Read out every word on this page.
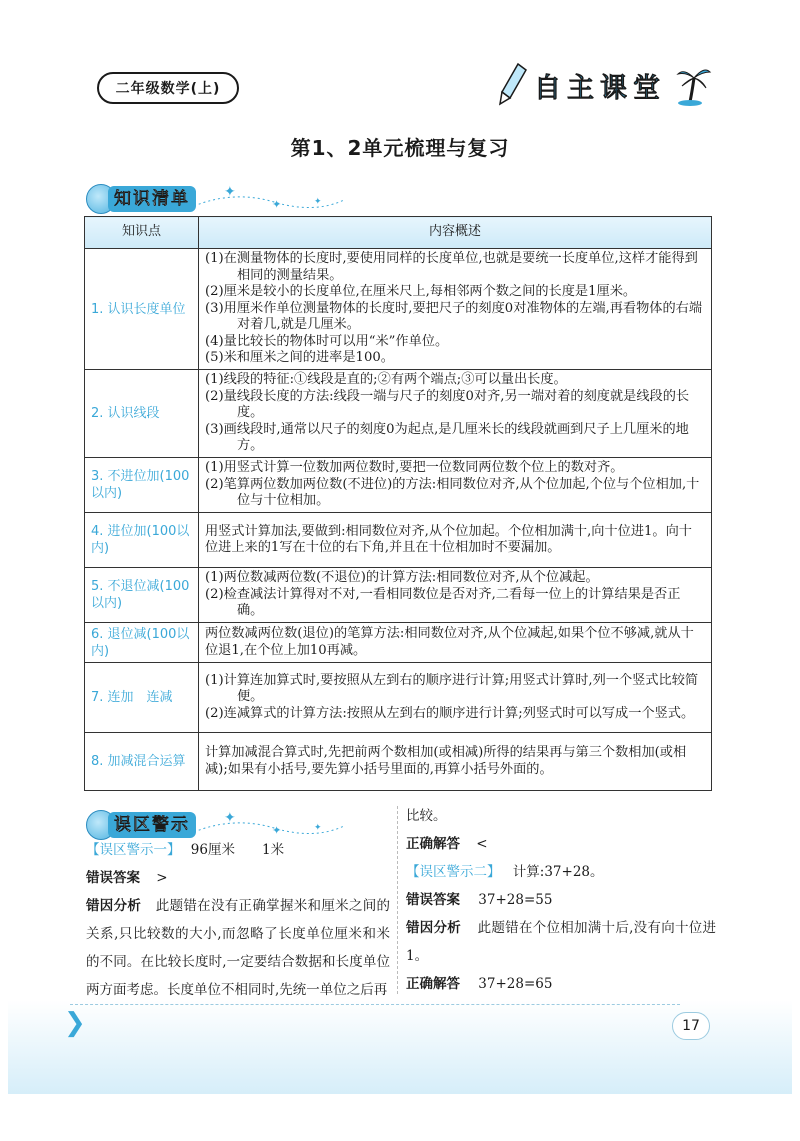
二年级数学(上)	自主课堂
第1、2单元梳理与复习
知识清单	✦
✦	✦
知识点	内容概述
1. 认识长度单位	(1)在测量物体的长度时,要使用同样的长度单位,也就是要统一长度单位,这样才能得到相同的测量结果。
(2)厘米是较小的长度单位,在厘米尺上,每相邻两个数之间的长度是1厘米。
(3)用厘米作单位测量物体的长度时,要把尺子的刻度0对准物体的左端,再看物体的右端对着几,就是几厘米。
(4)量比较长的物体时可以用“米”作单位。
(5)米和厘米之间的进率是100。

2. 认识线段	(1)线段的特征:①线段是直的;②有两个端点;③可以量出长度。
(2)量线段长度的方法:线段一端与尺子的刻度0对齐,另一端对着的刻度就是线段的长度。
(3)画线段时,通常以尺子的刻度0为起点,是几厘米长的线段就画到尺子上几厘米的地方。

3. 不进位加(100以内)	(1)用竖式计算一位数加两位数时,要把一位数同两位数个位上的数对齐。
(2)笔算两位数加两位数(不进位)的方法:相同数位对齐,从个位加起,个位与个位相加,十位与十位相加。

4. 进位加(100以内)	用竖式计算加法,要做到:相同数位对齐,从个位加起。个位相加满十,向十位进1。向十位进上来的1写在十位的右下角,并且在十位相加时不要漏加。

5. 不退位减(100以内)	(1)两位数减两位数(不退位)的计算方法:相同数位对齐,从个位减起。
(2)检查减法计算得对不对,一看相同数位是否对齐,二看每一位上的计算结果是否正确。

6. 退位减(100以内)	两位数减两位数(退位)的笔算方法:相同数位对齐,从个位减起,如果个位不够减,就从十位退1,在个位上加10再减。

7. 连加　连减	(1)计算连加算式时,要按照从左到右的顺序进行计算;用竖式计算时,列一个竖式比较简便。
(2)连减算式的计算方法:按照从左到右的顺序进行计算;列竖式时可以写成一个竖式。

8. 加减混合运算	计算加减混合算式时,先把前两个数相加(或相减)所得的结果再与第三个数相加(或相减);如果有小括号,要先算小括号里面的,再算小括号外面的。
误区警示	✦
✦	✦
【误区警示一】 96厘米　　1米
错误答案 >
错因分析 此题错在没有正确掌握米和厘米之间的关系,只比较数的大小,而忽略了长度单位厘米和米的不同。在比较长度时,一定要结合数据和长度单位两方面考虑。长度单位不相同时,先统一单位之后再
比较。
正确解答 <
【误区警示二】 计算:37+28。
错误答案 37+28=55
错因分析 此题错在个位相加满十后,没有向十位进1。
正确解答 37+28=65
❯	17
